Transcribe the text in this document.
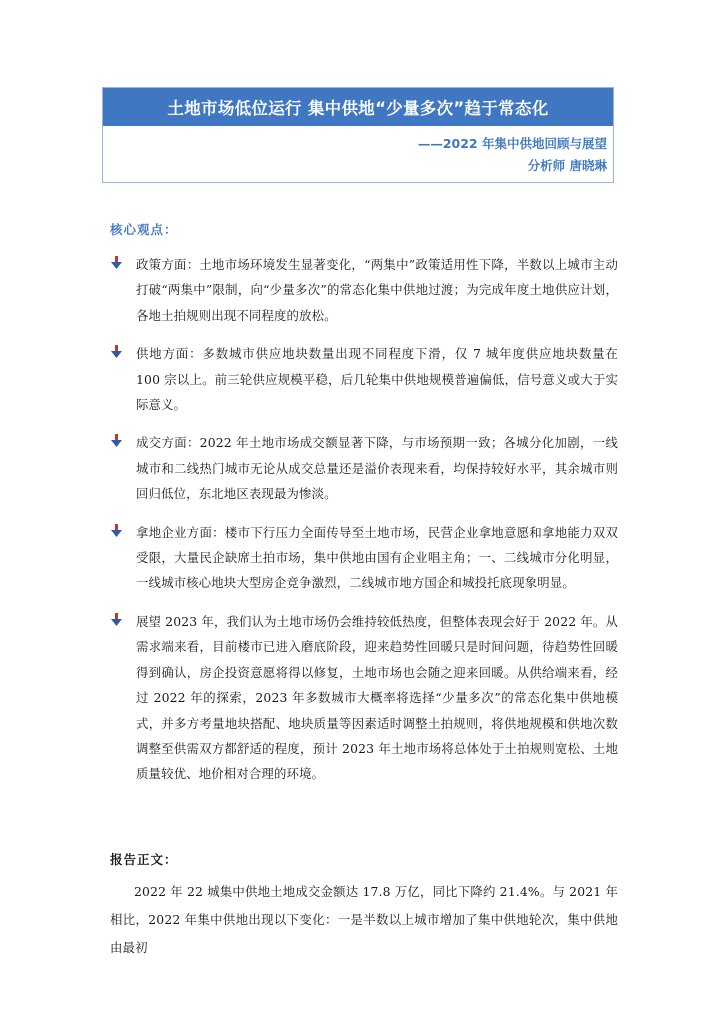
土地市场低位运行 集中供地“少量多次”趋于常态化
——2022 年集中供地回顾与展望
分析师 唐晓琳
核心观点：
政策方面：土地市场环境发生显著变化，“两集中”政策适用性下降，半数以上城市主动打破“两集中”限制，向“少量多次”的常态化集中供地过渡；为完成年度土地供应计划，各地土拍规则出现不同程度的放松。
供地方面：多数城市供应地块数量出现不同程度下滑，仅 7 城年度供应地块数量在 100 宗以上。前三轮供应规模平稳，后几轮集中供地规模普遍偏低，信号意义或大于实际意义。
成交方面：2022 年土地市场成交额显著下降，与市场预期一致；各城分化加剧，一线城市和二线热门城市无论从成交总量还是溢价表现来看，均保持较好水平，其余城市则回归低位，东北地区表现最为惨淡。
拿地企业方面：楼市下行压力全面传导至土地市场，民营企业拿地意愿和拿地能力双双受限，大量民企缺席土拍市场，集中供地由国有企业唱主角；一、二线城市分化明显，一线城市核心地块大型房企竞争激烈，二线城市地方国企和城投托底现象明显。
展望 2023 年，我们认为土地市场仍会维持较低热度，但整体表现会好于 2022 年。从需求端来看，目前楼市已进入磨底阶段，迎来趋势性回暖只是时间问题，待趋势性回暖得到确认，房企投资意愿将得以修复，土地市场也会随之迎来回暖。从供给端来看，经过 2022 年的探索，2023 年多数城市大概率将选择“少量多次”的常态化集中供地模式，并多方考量地块搭配、地块质量等因素适时调整土拍规则，将供地规模和供地次数调整至供需双方都舒适的程度，预计 2023 年土地市场将总体处于土拍规则宽松、土地质量较优、地价相对合理的环境。
报告正文：
2022 年 22 城集中供地土地成交金额达 17.8 万亿，同比下降约 21.4%。与 2021 年相比，2022 年集中供地出现以下变化：一是半数以上城市增加了集中供地轮次，集中供地由最初
